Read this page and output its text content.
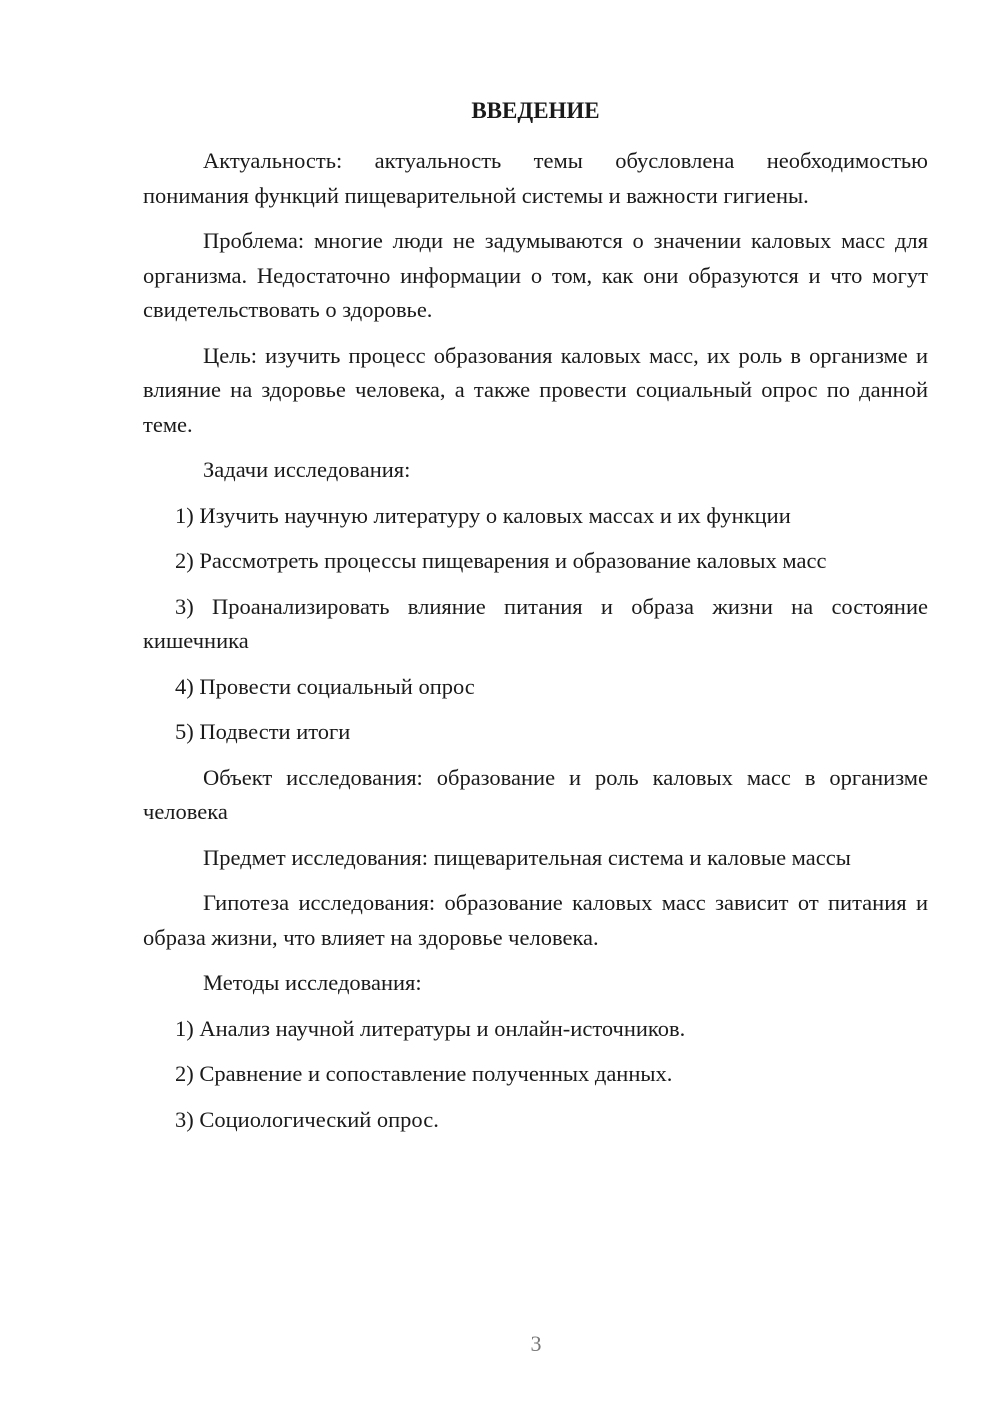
ВВЕДЕНИЕ

Актуальность: актуальность темы обусловлена необходимостью понимания функций пищеварительной системы и важности гигиены.

Проблема: многие люди не задумываются о значении каловых масс для организма. Недостаточно информации о том, как они образуются и что могут свидетельствовать о здоровье.

Цель: изучить процесс образования каловых масс, их роль в организме и влияние на здоровье человека, а также провести социальный опрос по данной теме.

Задачи исследования:

1) Изучить научную литературу о каловых массах и их функции

2) Рассмотреть процессы пищеварения и образование каловых масс

3) Проанализировать влияние питания и образа жизни на состояние кишечника

4) Провести социальный опрос

5) Подвести итоги

Объект исследования: образование и роль каловых масс в организме человека

Предмет исследования: пищеварительная система и каловые массы

Гипотеза исследования: образование каловых масс зависит от питания и образа жизни, что влияет на здоровье человека.

Методы исследования:

1) Анализ научной литературы и онлайн-источников.

2) Сравнение и сопоставление полученных данных.

3) Социологический опрос.

3
